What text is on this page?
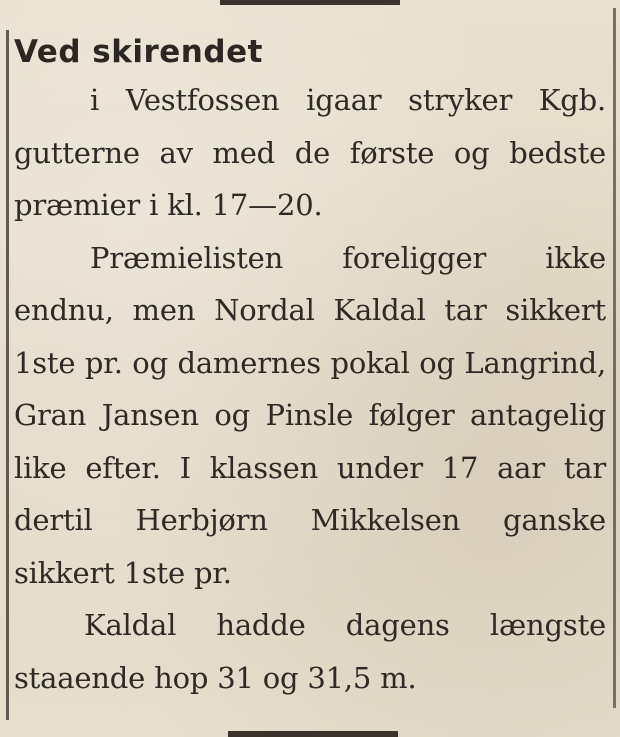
Ved skirendet

i Vestfossen igaar stryker Kgb. gutterne av med de første og bedste præmier i kl. 17—20.

Præmielisten foreligger ikke endnu, men Nordal Kaldal tar sikkert 1ste pr. og damernes pokal og Langrind, Gran Jansen og Pinsle følger antagelig like efter. I klassen under 17 aar tar dertil Herbjørn Mikkelsen ganske sikkert 1ste pr.

Kaldal hadde dagens længste staaende hop 31 og 31,5 m.
